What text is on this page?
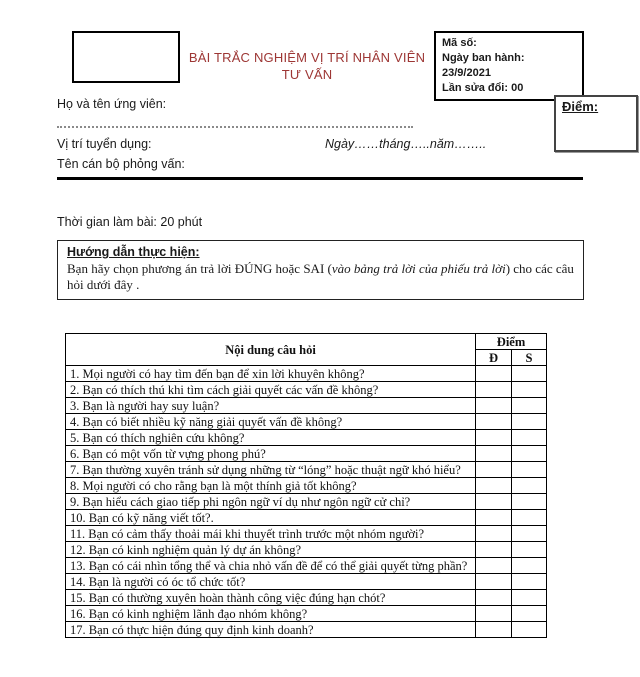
BÀI TRẮC NGHIỆM VỊ TRÍ NHÂN VIÊN
TƯ VẤN
Mã số:
Ngày ban hành: 23/9/2021
Lần sửa đổi: 00
Họ và tên ứng viên:
Vị trí tuyển dụng:	Ngày……tháng…..năm……..
Tên cán bộ phỏng vấn:
Điểm:
Thời gian làm bài: 20 phút
Hướng dẫn thực hiện:
Bạn hãy chọn phương án trả lời ĐÚNG hoặc SAI (vào bảng trả lời của phiếu trả lời) cho các câu hỏi dưới đây .
Nội dung câu hỏi	Điểm	
	Đ	S
1. Mọi người có hay tìm đến bạn để xin lời khuyên không?		
2. Bạn có thích thú khi tìm cách giải quyết các vấn đề không?		
3. Bạn là người hay suy luận?		
4. Bạn có biết nhiều kỹ năng giải quyết vấn đề không?		
5. Bạn có thích nghiên cứu không?		
6. Bạn có một vốn từ vựng phong phú?		
7. Bạn thường xuyên tránh sử dụng những từ “lóng” hoặc thuật ngữ khó hiểu?		
8. Mọi người có cho rằng bạn là một thính giả tốt không?		
9. Bạn hiểu cách giao tiếp phi ngôn ngữ ví dụ như ngôn ngữ cử chỉ?		
10. Bạn có kỹ năng viết tốt?.		
11. Bạn có cảm thấy thoải mái khi thuyết trình trước một nhóm người?		
12. Bạn có kinh nghiệm quản lý dự án không?		
13. Bạn có cái nhìn tổng thể và chia nhỏ vấn đề để có thể giải quyết từng phần?		
14. Bạn là người có óc tổ chức tốt?		
15. Bạn có thường xuyên hoàn thành công việc đúng hạn chót?		
16. Bạn có kinh nghiệm lãnh đạo nhóm không?		
17. Bạn có thực hiện đúng quy định kinh doanh?		
